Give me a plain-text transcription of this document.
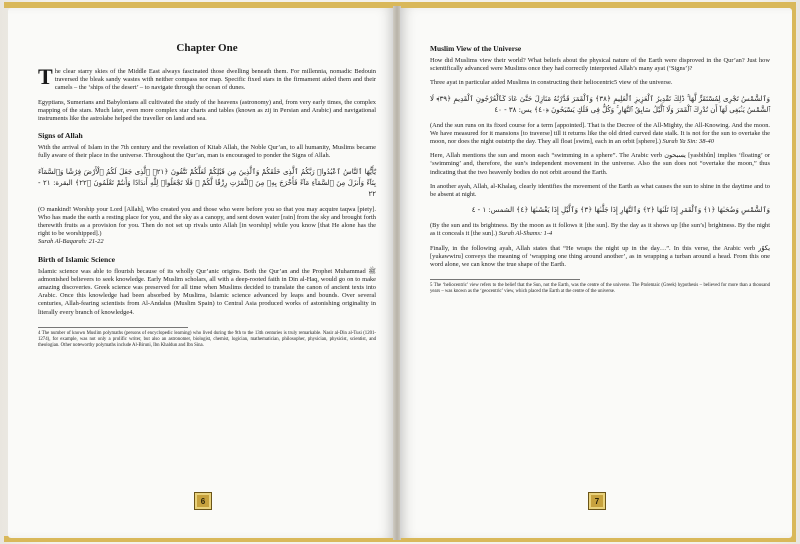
Chapter One

The clear starry skies of the Middle East always fascinated those dwelling beneath them. For millennia, nomadic Bedouin traversed the bleak sandy wastes with neither compass nor map. Specific fixed stars in the firmament aided them and their camels – the ‘ships of the desert’ – to navigate through the ocean of dunes.

Egyptians, Sumerians and Babylonians all cultivated the study of the heavens (astronomy) and, from very early times, the complex mapping of the stars. Much later, even more complex star charts and tables (known as zij in Persian and Arabic) and navigational instruments like the astrolabe helped the traveller on land and sea.

Signs of Allah

With the arrival of Islam in the 7th century and the revelation of Kitab Allah, the Noble Qur’an, to all humanity, Muslims became fully aware of their place in the universe. Throughout the Qur’an, man is encouraged to ponder the Signs of Allah.

يَٰٓأَيُّهَا ٱلنَّاسُ ٱعْبُدُوا۟ رَبَّكُمُ ٱلَّذِى خَلَقَكُمْ وَٱلَّذِينَ مِن قَبْلِكُمْ لَعَلَّكُمْ تَتَّقُونَ ﴿٢١﴾ ٱلَّذِى جَعَلَ لَكُمُ ٱلْأَرْضَ فِرَٰشًا وَٱلسَّمَآءَ بِنَآءً وَأَنزَلَ مِنَ ٱلسَّمَآءِ مَآءً فَأَخْرَجَ بِهِۦ مِنَ ٱلثَّمَرَٰتِ رِزْقًا لَّكُمْ ۖ فَلَا تَجْعَلُوا۟ لِلَّهِ أَندَادًا وَأَنتُمْ تَعْلَمُونَ ﴿٢٢﴾ البقرة: ٢١ - ٢٢

(O mankind! Worship your Lord [Allah], Who created you and those who were before you so that you may acquire taqwa [piety]. Who has made the earth a resting place for you, and the sky as a canopy, and sent down water [rain] from the sky and brought forth therewith fruits as a provision for you. Then do not set up rivals unto Allah [in worship] while you know [that He alone has the right to be worshipped].)
Surah Al-Baqarah: 21-22

Birth of Islamic Science

Islamic science was able to flourish because of its wholly Qur’anic origins. Both the Qur’an and the Prophet Muhammad ﷺ admonished believers to seek knowledge. Early Muslim scholars, all with a deep-rooted faith in Din al-Haq, would go on to make amazing discoveries. Greek science was preserved for all time when Muslims decided to translate the canon of ancient texts into Arabic. Once this knowledge had been absorbed by Muslims, Islamic science advanced by leaps and bounds. Over several centuries, Allah-fearing scientists from Al-Andalus (Muslim Spain) to Central Asia produced works of astonishing originality in literally every branch of knowledge4.

4 The number of known Muslim polymaths (persons of encyclopedic learning) who lived during the 9th to the 13th centuries is truly remarkable. Nasir al-Din al-Tusi (1201-1274), for example, was not only a prolific writer, but also an astronomer, biologist, chemist, logician, mathematician, philosopher, physician, physicist, scientist, and theologian. Other noteworthy polymaths include Al-Biruni, Ibn Khaldun and Ibn Sina.
6
Muslim View of the Universe

How did Muslims view their world? What beliefs about the physical nature of the Earth were disproved in the Qur’an? Just how scientifically advanced were Muslims once they had correctly interpreted Allah’s many ayat (‘Signs’)?

Three ayat in particular aided Muslims in constructing their heliocentric5 view of the universe.

وَٱلشَّمْسُ تَجْرِى لِمُسْتَقَرٍّ لَّهَا ۚ ذَٰلِكَ تَقْدِيرُ ٱلْعَزِيزِ ٱلْعَلِيمِ ﴿٣٨﴾ وَٱلْقَمَرَ قَدَّرْنَٰهُ مَنَازِلَ حَتَّىٰ عَادَ كَٱلْعُرْجُونِ ٱلْقَدِيمِ ﴿٣٩﴾ لَا ٱلشَّمْسُ يَنۢبَغِى لَهَآ أَن تُدْرِكَ ٱلْقَمَرَ وَلَا ٱلَّيْلُ سَابِقُ ٱلنَّهَارِ ۚ وَكُلٌّ فِى فَلَكٍ يَسْبَحُونَ ﴿٤٠﴾ يس: ٣٨ - ٤٠

(And the sun runs on its fixed course for a term [appointed]. That is the Decree of the All-Mighty, the All-Knowing. And the moon. We have measured for it mansions [to traverse] till it returns like the old dried curved date stalk. It is not for the sun to overtake the moon, nor does the night outstrip the day. They all float [swim], each in an orbit [sphere].) Surah Ya Sin: 38-40

Here, Allah mentions the sun and moon each “swimming in a sphere”. The Arabic verb يسبحون [yasbihûn] implies ‘floating’ or ‘swimming’ and, therefore, the sun’s independent movement in the universe. Also the sun does not “overtake the moon,” thus indicating that the two heavenly bodies do not orbit around the Earth.

In another ayah, Allah, al-Khalaq, clearly identifies the movement of the Earth as what causes the sun to shine in the daytime and to be absent at night.

وَٱلشَّمْسِ وَضُحَىٰهَا ﴿١﴾ وَٱلْقَمَرِ إِذَا تَلَىٰهَا ﴿٢﴾ وَٱلنَّهَارِ إِذَا جَلَّىٰهَا ﴿٣﴾ وَٱلَّيْلِ إِذَا يَغْشَىٰهَا ﴿٤﴾ الشمس: ١ - ٤

(By the sun and its brightness. By the moon as it follows it [the sun]. By the day as it shows up [the sun’s] brightness. By the night as it conceals it [the sun].) Surah Al-Shams: 1-4

Finally, in the following ayah, Allah states that “He wraps the night up in the day…”. In this verse, the Arabic verb يكوّر [yukawwiru] conveys the meaning of ‘wrapping one thing around another’, as in wrapping a turban around a head. From this one word alone, we can know the true shape of the Earth.

5 The ‘heliocentric’ view refers to the belief that the Sun, not the Earth, was the centre of the universe. The Ptolemaic (Greek) hypothesis – believed for more than a thousand years – was known as the ‘geocentric’ view, which placed the Earth at the centre of the universe.
7
